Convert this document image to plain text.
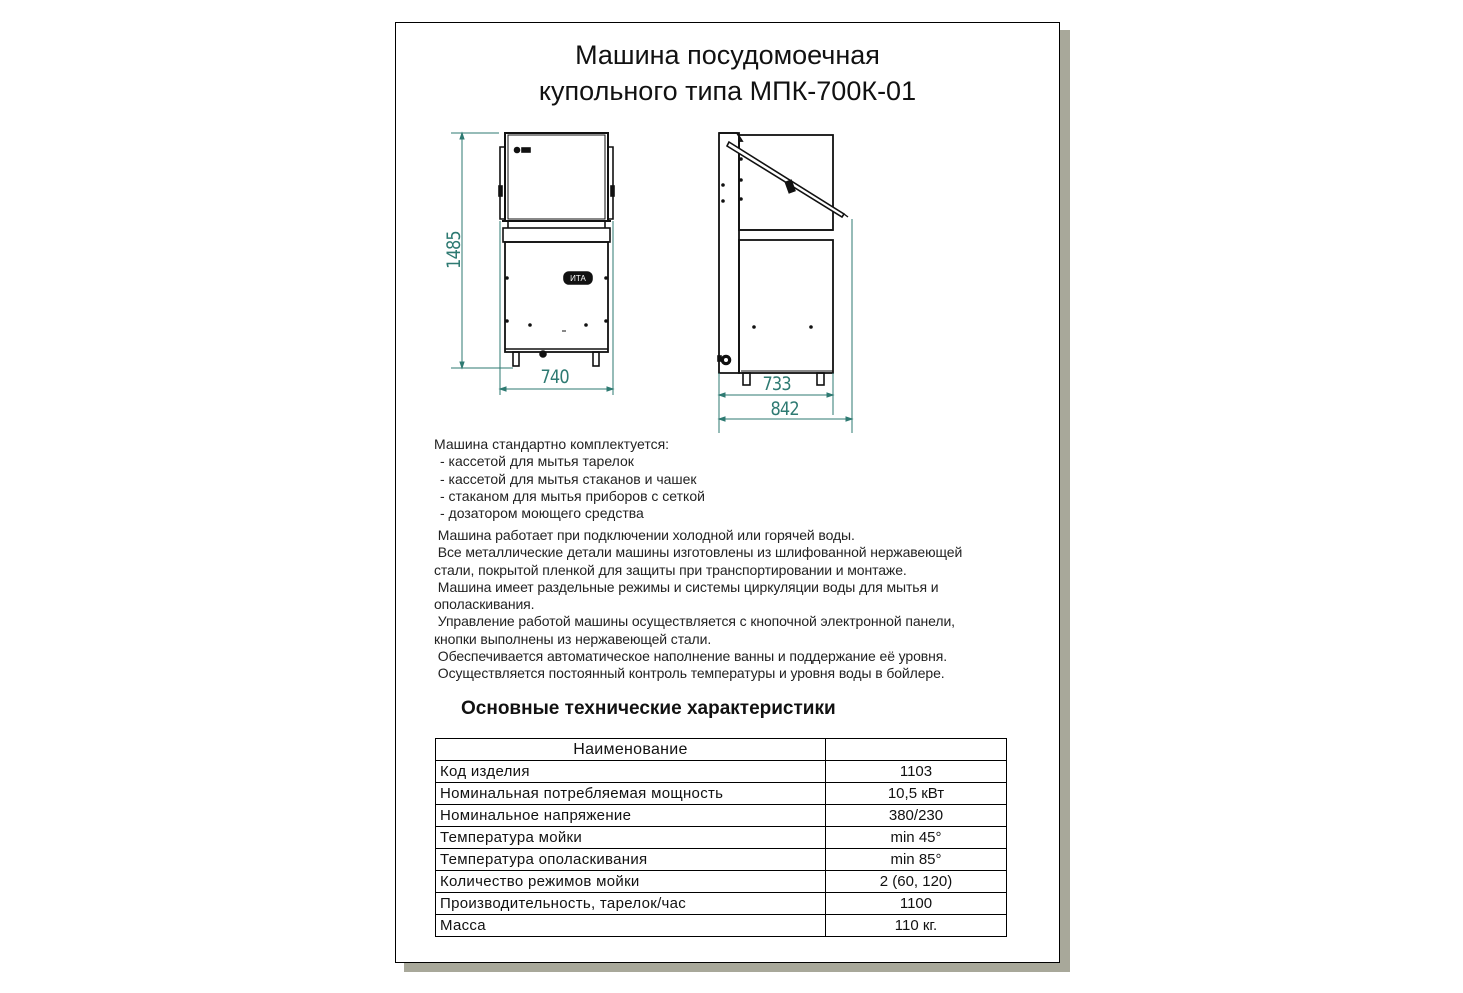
Машина посудомоечная
купольного типа МПК-700К-01
ИТА
1485
740	733
842
Машина стандартно комплектуется:
- кассетой для мытья тарелок
- кассетой для мытья стаканов и чашек
- стаканом для мытья приборов с сеткой
- дозатором моющего средства
Машина работает при подключении холодной или горячей воды.
Все металлические детали машины изготовлены из шлифованной нержавеющей
стали, покрытой пленкой для защиты при транспортировании и монтаже.
Машина имеет раздельные режимы и системы циркуляции воды для мытья и
ополаскивания.
Управление работой машины осуществляется с кнопочной электронной панели,
кнопки выполнены из нержавеющей стали.
Обеспечивается автоматическое наполнение ванны и поддержание её уровня.
Осуществляется постоянный контроль температуры и уровня воды в бойлере.
Основные технические характеристики
Наименование	
Код изделия	1103
Номинальная потребляемая мощность	10,5 кВт
Номинальное напряжение	380/230
Температура мойки	min 45°
Температура ополаскивания	min 85°
Количество режимов мойки	2 (60, 120)
Производительность, тарелок/час	1100
Масса	110 кг.
